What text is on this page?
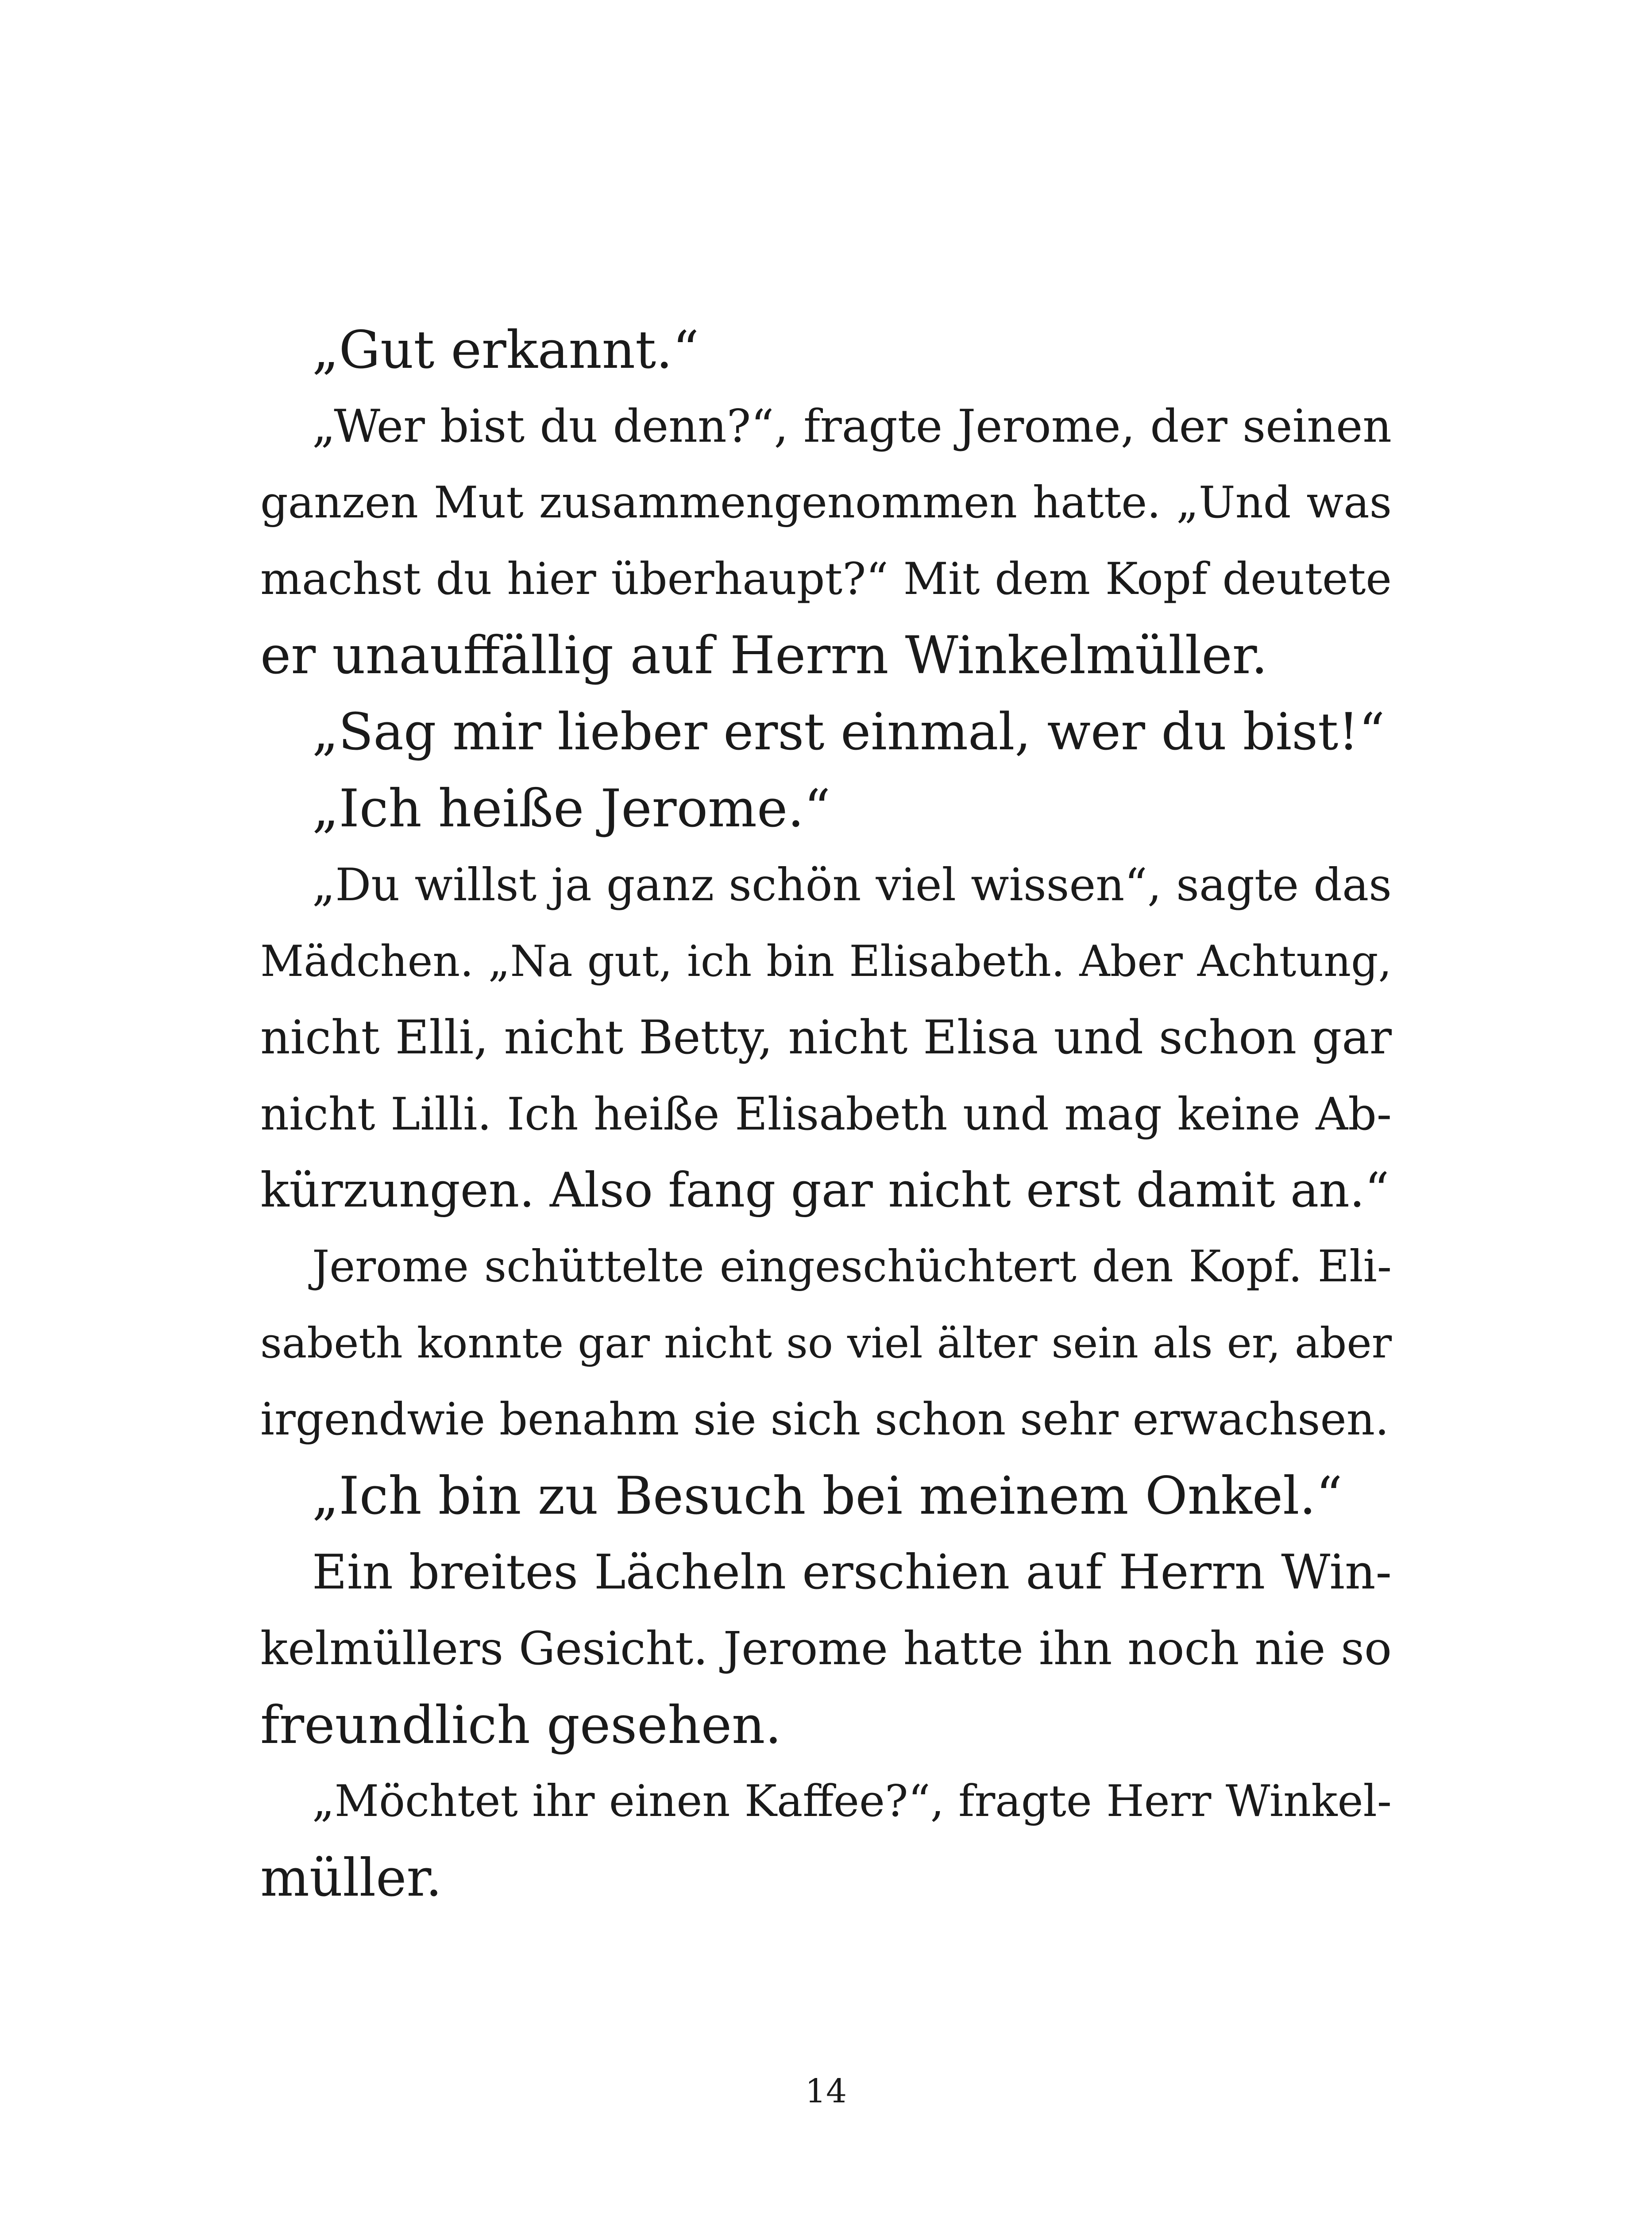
„Gut erkannt.“
„Wer bist du denn?“, fragte Jerome, der seinen
ganzen Mut zusammengenommen hatte. „Und was
machst du hier überhaupt?“ Mit dem Kopf deutete
er unauffällig auf Herrn Winkelmüller.
„Sag mir lieber erst einmal, wer du bist!“
„Ich heiße Jerome.“
„Du willst ja ganz schön viel wissen“, sagte das
Mädchen. „Na gut, ich bin Elisabeth. Aber Achtung,
nicht Elli, nicht Betty, nicht Elisa und schon gar
nicht Lilli. Ich heiße Elisabeth und mag keine Ab-
kürzungen. Also fang gar nicht erst damit an.“
Jerome schüttelte eingeschüchtert den Kopf. Eli-
sabeth konnte gar nicht so viel älter sein als er, aber
irgendwie benahm sie sich schon sehr erwachsen.
„Ich bin zu Besuch bei meinem Onkel.“
Ein breites Lächeln erschien auf Herrn Win-
kelmüllers Gesicht. Jerome hatte ihn noch nie so
freundlich gesehen.
„Möchtet ihr einen Kaffee?“, fragte Herr Winkel-
müller.
14
